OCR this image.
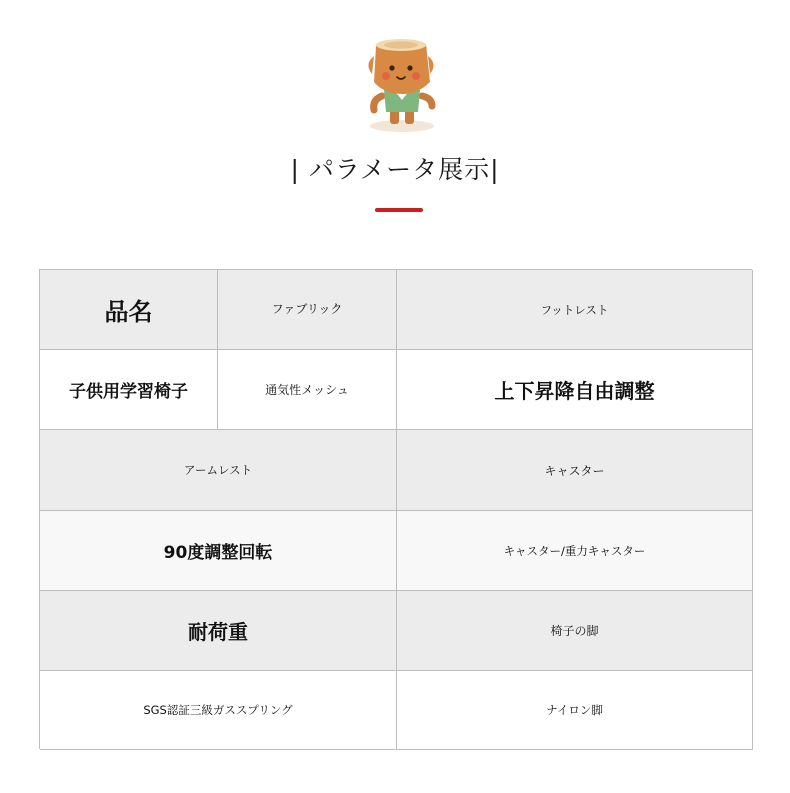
| パラメータ展示|
品名	ファブリック	フットレスト
子供用学習椅子	通気性メッシュ	上下昇降自由調整
アームレスト	キャスター
90度調整回転	キャスター/重力キャスター
耐荷重	椅子の脚
SGS認証三級ガススプリング	ナイロン脚
